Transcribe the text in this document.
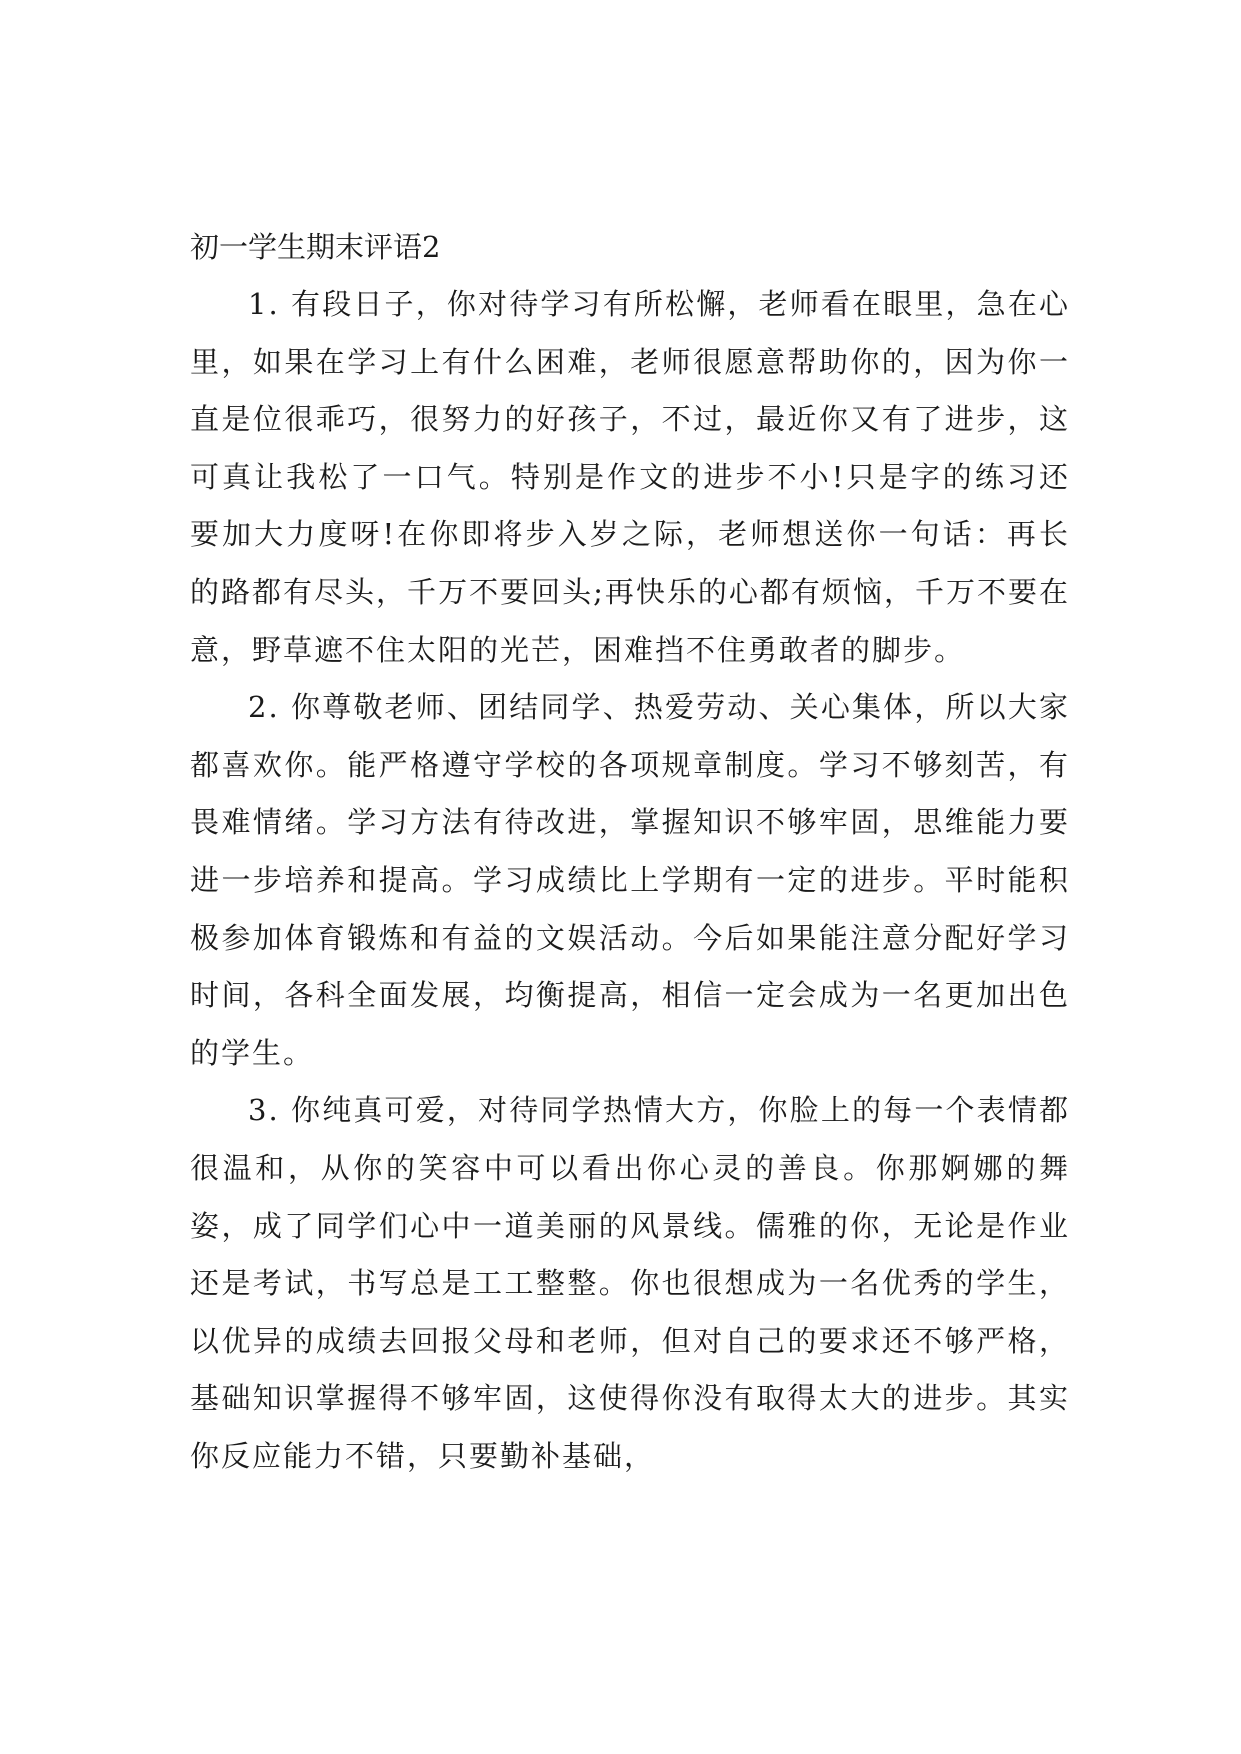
初一学生期末评语2

1. 有段日子，你对待学习有所松懈，老师看在眼里，急在心里，如果在学习上有什么困难，老师很愿意帮助你的，因为你一直是位很乖巧，很努力的好孩子，不过，最近你又有了进步，这可真让我松了一口气。特别是作文的进步不小!只是字的练习还要加大力度呀!在你即将步入岁之际，老师想送你一句话：再长的路都有尽头，千万不要回头;再快乐的心都有烦恼，千万不要在意，野草遮不住太阳的光芒，困难挡不住勇敢者的脚步。

2. 你尊敬老师、团结同学、热爱劳动、关心集体，所以大家都喜欢你。能严格遵守学校的各项规章制度。学习不够刻苦，有畏难情绪。学习方法有待改进，掌握知识不够牢固，思维能力要进一步培养和提高。学习成绩比上学期有一定的进步。平时能积极参加体育锻炼和有益的文娱活动。今后如果能注意分配好学习时间，各科全面发展，均衡提高，相信一定会成为一名更加出色的学生。

3. 你纯真可爱，对待同学热情大方，你脸上的每一个表情都很温和，从你的笑容中可以看出你心灵的善良。你那婀娜的舞姿，成了同学们心中一道美丽的风景线。儒雅的你，无论是作业还是考试，书写总是工工整整。你也很想成为一名优秀的学生，以优异的成绩去回报父母和老师，但对自己的要求还不够严格，基础知识掌握得不够牢固，这使得你没有取得太大的进步。其实你反应能力不错，只要勤补基础，
